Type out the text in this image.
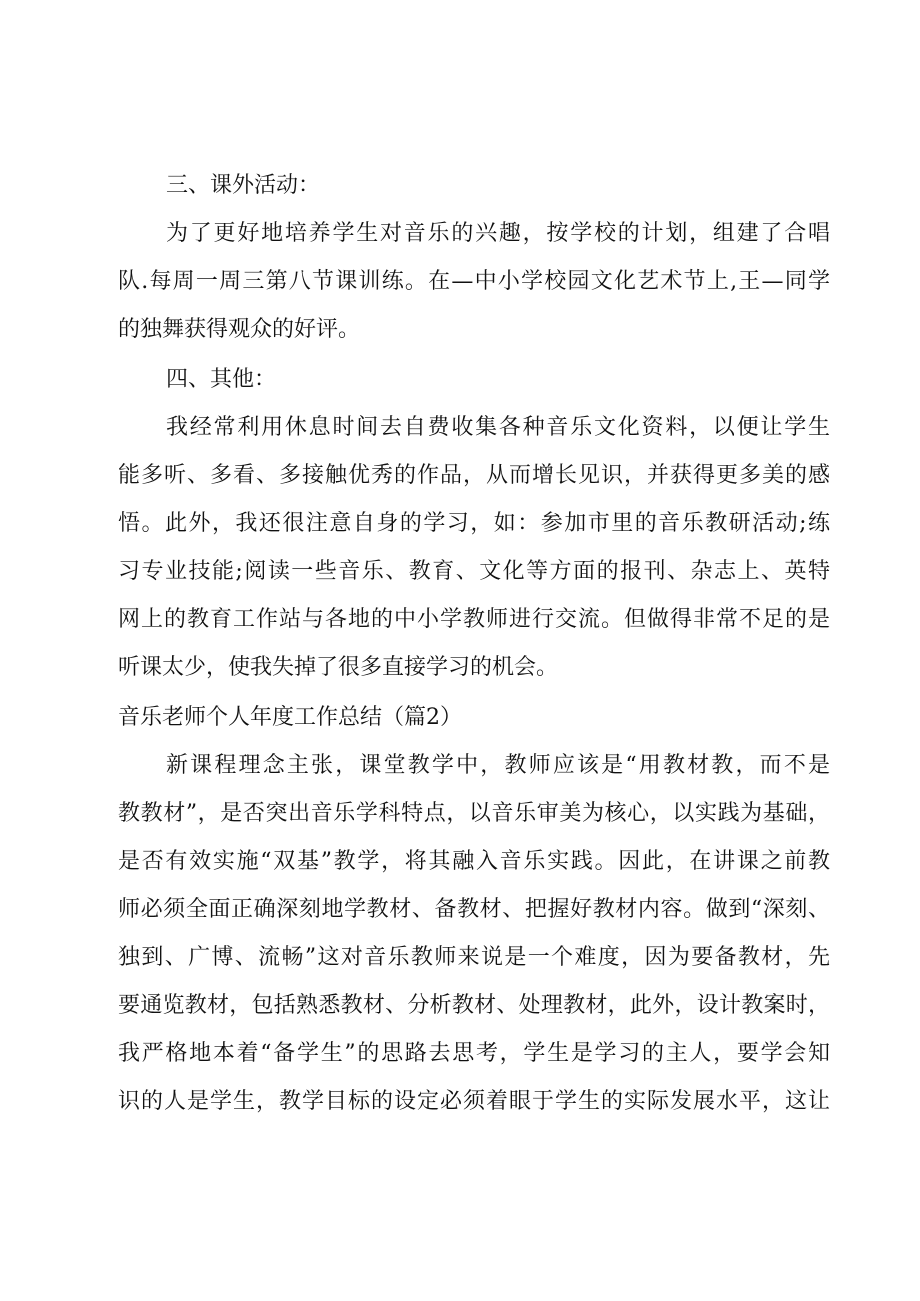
三、课外活动：
为了更好地培养学生对音乐的兴趣，按学校的计划，组建了合唱
队.每周一周三第八节课训练。在—中小学校园文化艺术节上,王—同学
的独舞获得观众的好评。
四、其他：
我经常利用休息时间去自费收集各种音乐文化资料，以便让学生
能多听、多看、多接触优秀的作品，从而增长见识，并获得更多美的感
悟。此外，我还很注意自身的学习，如：参加市里的音乐教研活动;练
习专业技能;阅读一些音乐、教育、文化等方面的报刊、杂志上、英特
网上的教育工作站与各地的中小学教师进行交流。但做得非常不足的是
听课太少，使我失掉了很多直接学习的机会。
音乐老师个人年度工作总结（篇2）
新课程理念主张，课堂教学中，教师应该是“用教材教，而不是
教教材”，是否突出音乐学科特点，以音乐审美为核心，以实践为基础，
是否有效实施“双基”教学，将其融入音乐实践。因此，在讲课之前教
师必须全面正确深刻地学教材、备教材、把握好教材内容。做到“深刻、
独到、广博、流畅”这对音乐教师来说是一个难度，因为要备教材，先
要通览教材，包括熟悉教材、分析教材、处理教材，此外，设计教案时，
我严格地本着“备学生”的思路去思考，学生是学习的主人，要学会知
识的人是学生，教学目标的设定必须着眼于学生的实际发展水平，这让
